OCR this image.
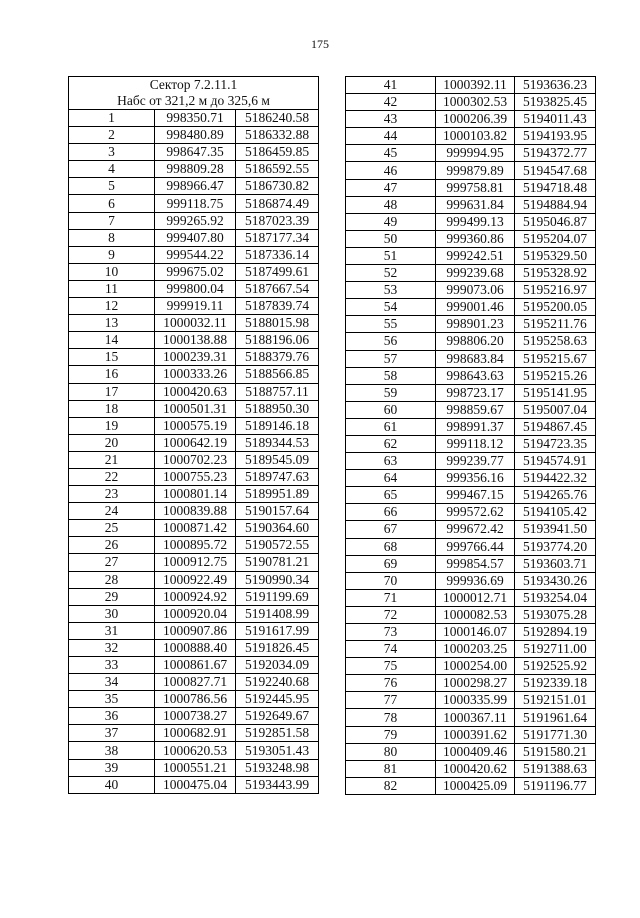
175
Сектор 7.2.11.1
Набс от 321,2 м до 325,6 м		

1	998350.71	5186240.58
2	998480.89	5186332.88
3	998647.35	5186459.85
4	998809.28	5186592.55
5	998966.47	5186730.82
6	999118.75	5186874.49
7	999265.92	5187023.39
8	999407.80	5187177.34
9	999544.22	5187336.14
10	999675.02	5187499.61
11	999800.04	5187667.54
12	999919.11	5187839.74
13	1000032.11	5188015.98
14	1000138.88	5188196.06
15	1000239.31	5188379.76
16	1000333.26	5188566.85
17	1000420.63	5188757.11
18	1000501.31	5188950.30
19	1000575.19	5189146.18
20	1000642.19	5189344.53
21	1000702.23	5189545.09
22	1000755.23	5189747.63
23	1000801.14	5189951.89
24	1000839.88	5190157.64
25	1000871.42	5190364.60
26	1000895.72	5190572.55
27	1000912.75	5190781.21
28	1000922.49	5190990.34
29	1000924.92	5191199.69
30	1000920.04	5191408.99
31	1000907.86	5191617.99
32	1000888.40	5191826.45
33	1000861.67	5192034.09
34	1000827.71	5192240.68
35	1000786.56	5192445.95
36	1000738.27	5192649.67
37	1000682.91	5192851.58
38	1000620.53	5193051.43
39	1000551.21	5193248.98
40	1000475.04	5193443.99
41	1000392.11	5193636.23
42	1000302.53	5193825.45
43	1000206.39	5194011.43
44	1000103.82	5194193.95
45	999994.95	5194372.77
46	999879.89	5194547.68
47	999758.81	5194718.48
48	999631.84	5194884.94
49	999499.13	5195046.87
50	999360.86	5195204.07
51	999242.51	5195329.50
52	999239.68	5195328.92
53	999073.06	5195216.97
54	999001.46	5195200.05
55	998901.23	5195211.76
56	998806.20	5195258.63
57	998683.84	5195215.67
58	998643.63	5195215.26
59	998723.17	5195141.95
60	998859.67	5195007.04
61	998991.37	5194867.45
62	999118.12	5194723.35
63	999239.77	5194574.91
64	999356.16	5194422.32
65	999467.15	5194265.76
66	999572.62	5194105.42
67	999672.42	5193941.50
68	999766.44	5193774.20
69	999854.57	5193603.71
70	999936.69	5193430.26
71	1000012.71	5193254.04
72	1000082.53	5193075.28
73	1000146.07	5192894.19
74	1000203.25	5192711.00
75	1000254.00	5192525.92
76	1000298.27	5192339.18
77	1000335.99	5192151.01
78	1000367.11	5191961.64
79	1000391.62	5191771.30
80	1000409.46	5191580.21
81	1000420.62	5191388.63
82	1000425.09	5191196.77
